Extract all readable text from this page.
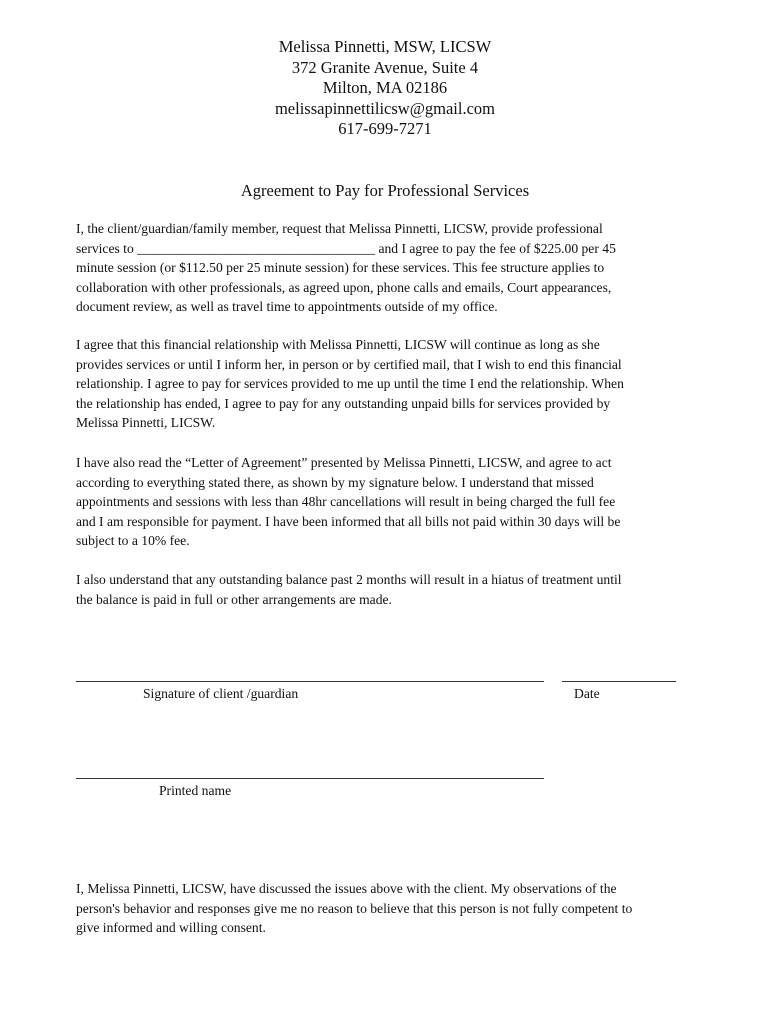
Melissa Pinnetti, MSW, LICSW
372 Granite Avenue, Suite 4
Milton, MA 02186
melissapinnettilicsw@gmail.com
617-699-7271
Agreement to Pay for Professional Services
I, the client/guardian/family member, request that Melissa Pinnetti, LICSW, provide professional
services to ___________________________________ and I agree to pay the fee of $225.00 per 45
minute session (or $112.50 per 25 minute session) for these services. This fee structure applies to
collaboration with other professionals, as agreed upon, phone calls and emails, Court appearances,
document review, as well as travel time to appointments outside of my office.
I agree that this financial relationship with Melissa Pinnetti, LICSW will continue as long as she
provides services or until I inform her, in person or by certified mail, that I wish to end this financial
relationship. I agree to pay for services provided to me up until the time I end the relationship. When
the relationship has ended, I agree to pay for any outstanding unpaid bills for services provided by
Melissa Pinnetti, LICSW.
I have also read the “Letter of Agreement” presented by Melissa Pinnetti, LICSW, and agree to act
according to everything stated there, as shown by my signature below. I understand that missed
appointments and sessions with less than 48hr cancellations will result in being charged the full fee
and I am responsible for payment. I have been informed that all bills not paid within 30 days will be
subject to a 10% fee.
I also understand that any outstanding balance past 2 months will result in a hiatus of treatment until
the balance is paid in full or other arrangements are made.
Signature of client /guardian	Date
Printed name
I, Melissa Pinnetti, LICSW, have discussed the issues above with the client. My observations of the
person's behavior and responses give me no reason to believe that this person is not fully competent to
give informed and willing consent.
